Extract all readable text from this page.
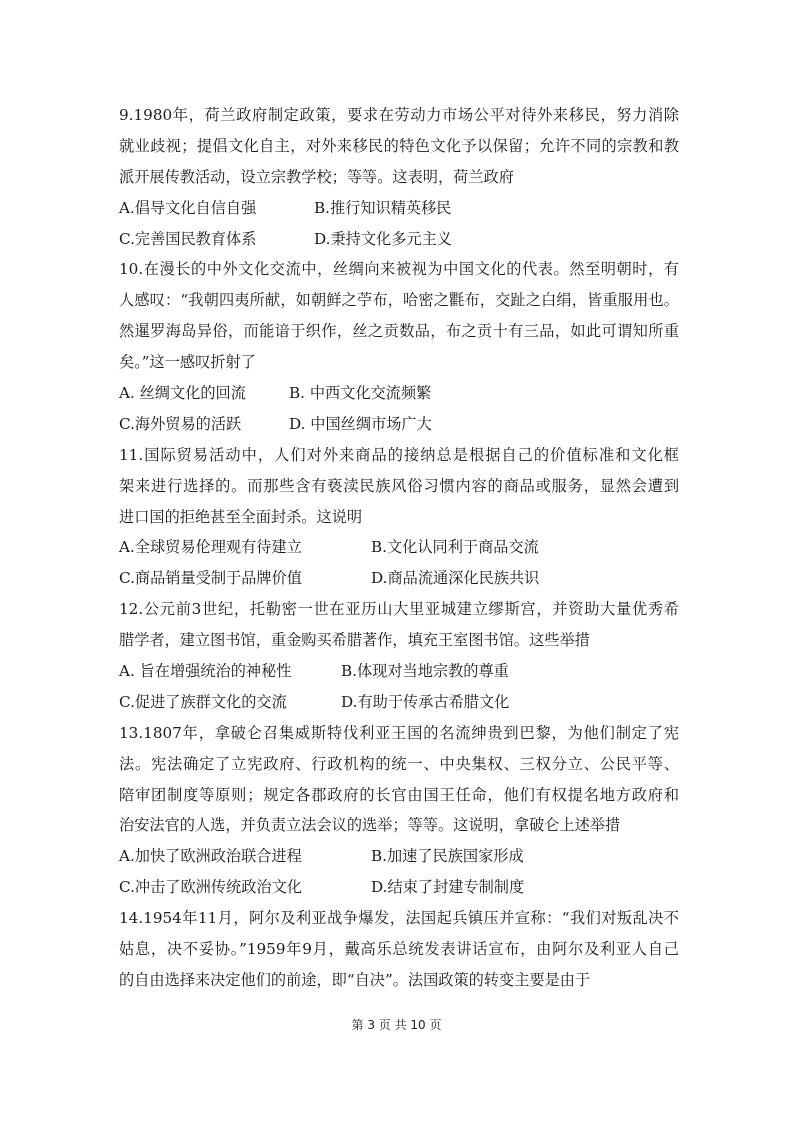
9.1980年，荷兰政府制定政策，要求在劳动力市场公平对待外来移民，努力消除
就业歧视；提倡文化自主，对外来移民的特色文化予以保留；允许不同的宗教和教
派开展传教活动，设立宗教学校；等等。这表明，荷兰政府
A.倡导文化自信自强	B.推行知识精英移民
C.完善国民教育体系	D.秉持文化多元主义
10.在漫长的中外文化交流中，丝绸向来被视为中国文化的代表。然至明朝时，有
人感叹：“我朝四夷所献，如朝鲜之苧布，哈密之氍布，交趾之白绢，皆重服用也。
然暹罗海岛异俗，而能谙于织作，丝之贡数品，布之贡十有三品，如此可谓知所重
矣。”这一感叹折射了
A. 丝绸文化的回流	B. 中西文化交流频繁
C.海外贸易的活跃	D. 中国丝绸市场广大
11.国际贸易活动中，人们对外来商品的接纳总是根据自己的价值标准和文化框
架来进行选择的。而那些含有亵渎民族风俗习惯内容的商品或服务，显然会遭到
进口国的拒绝甚至全面封杀。这说明
A.全球贸易伦理观有待建立	B.文化认同利于商品交流
C.商品销量受制于品牌价值	D.商品流通深化民族共识
12.公元前3世纪，托勒密一世在亚历山大里亚城建立缪斯宫，并资助大量优秀希
腊学者，建立图书馆，重金购买希腊著作，填充王室图书馆。这些举措
A. 旨在增强统治的神秘性	B.体现对当地宗教的尊重
C.促进了族群文化的交流	D.有助于传承古希腊文化
13.1807年，拿破仑召集威斯特伐利亚王国的名流绅贵到巴黎，为他们制定了宪
法。宪法确定了立宪政府、行政机构的统一、中央集权、三权分立、公民平等、
陪审团制度等原则；规定各郡政府的长官由国王任命，他们有权提名地方政府和
治安法官的人选，并负责立法会议的选举；等等。这说明，拿破仑上述举措
A.加快了欧洲政治联合进程	B.加速了民族国家形成
C.冲击了欧洲传统政治文化	D.结束了封建专制制度
14.1954年11月，阿尔及利亚战争爆发，法国起兵镇压并宣称：“我们对叛乱决不
姑息，决不妥协。”1959年9月，戴高乐总统发表讲话宣布，由阿尔及利亚人自己
的自由选择来决定他们的前途，即“自决”。法国政策的转变主要是由于
第 3 页 共 10 页
